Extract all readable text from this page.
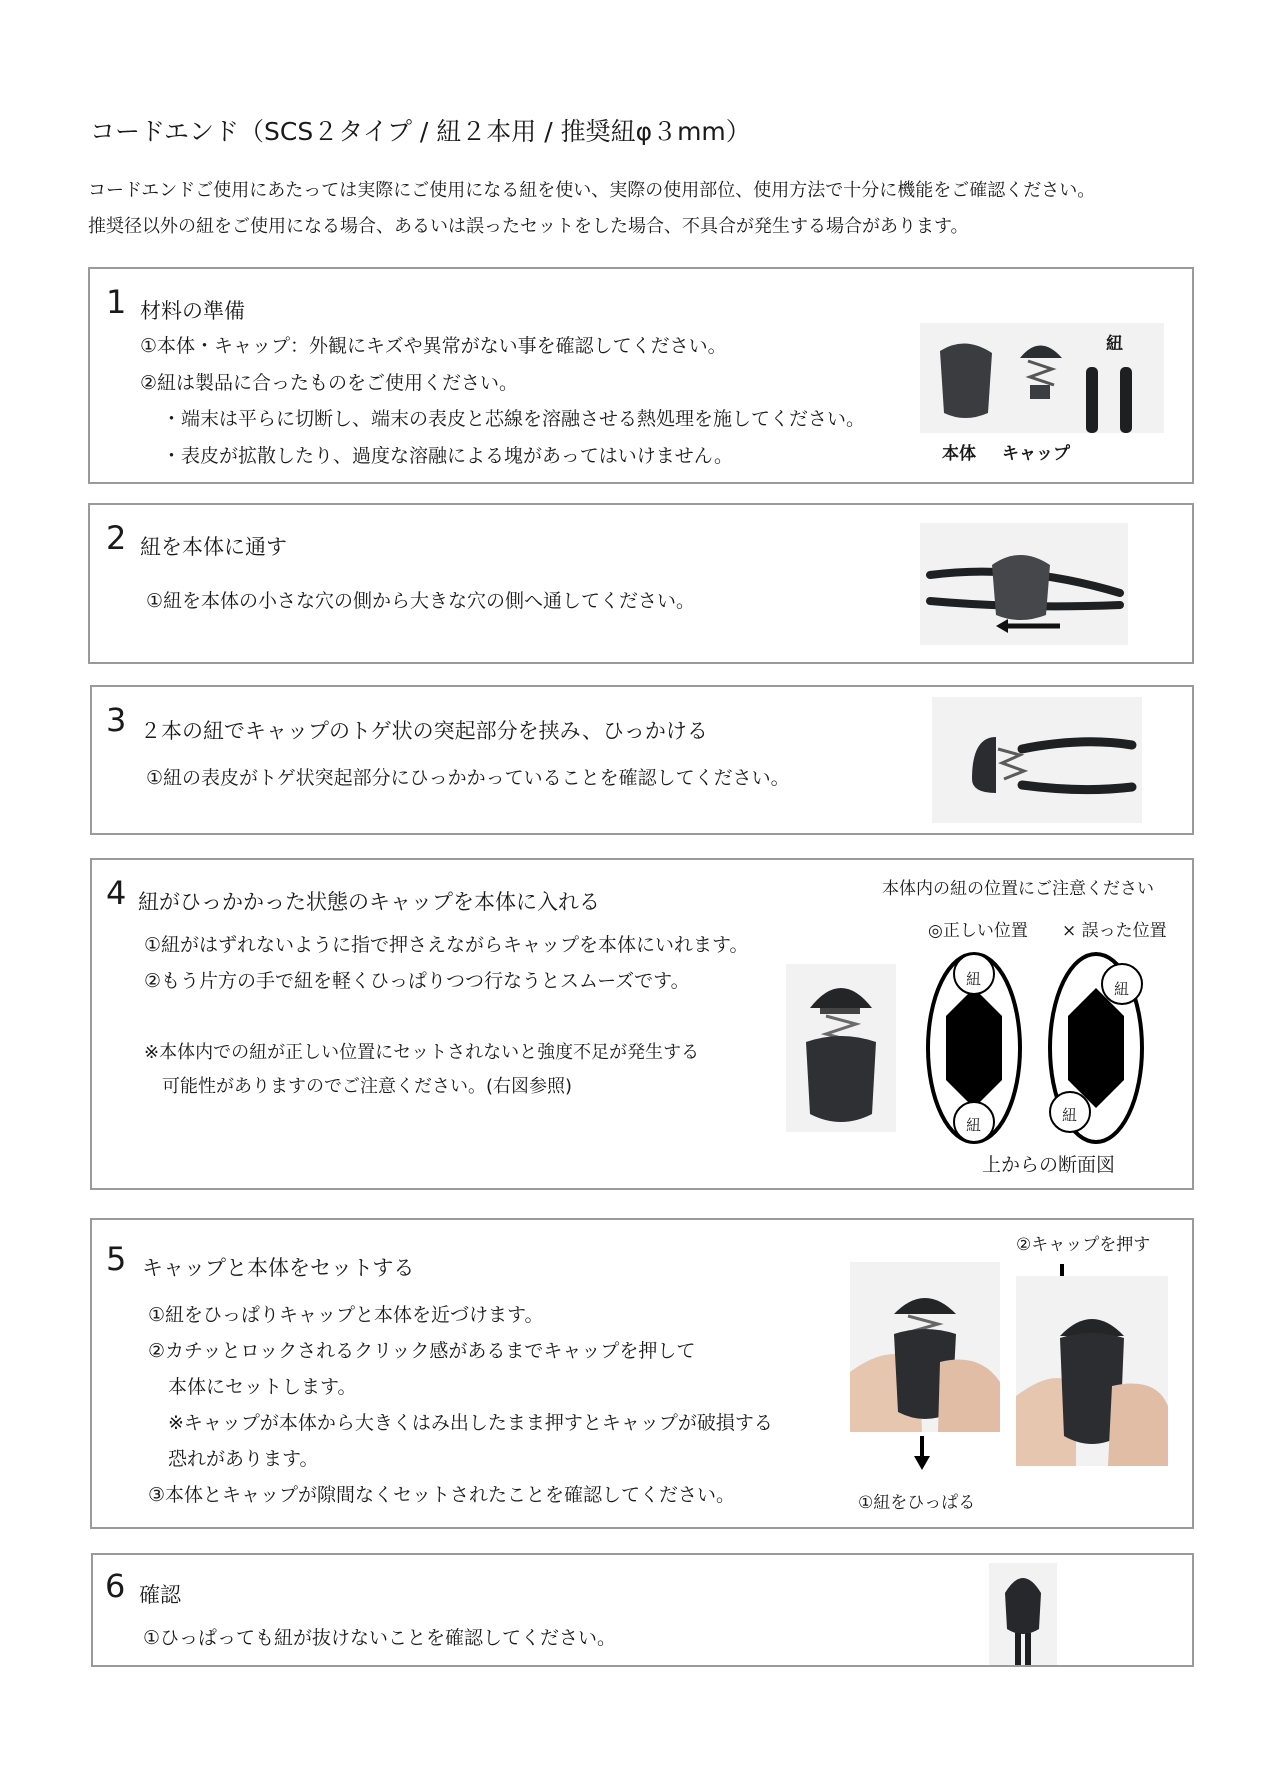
コードエンド（SCS２タイプ / 紐２本用 / 推奨紐φ３mm）
コードエンドご使用にあたっては実際にご使用になる紐を使い、実際の使用部位、使用方法で十分に機能をご確認ください。
推奨径以外の紐をご使用になる場合、あるいは誤ったセットをした場合、不具合が発生する場合があります。
1 材料の準備
①本体・キャップ：外観にキズや異常がない事を確認してください。
②紐は製品に合ったものをご使用ください。
・端末は平らに切断し、端末の表皮と芯線を溶融させる熱処理を施してください。
・表皮が拡散したり、過度な溶融による塊があってはいけません。
紐
本体 キャップ
2 紐を本体に通す
①紐を本体の小さな穴の側から大きな穴の側へ通してください。
3 ２本の紐でキャップのトゲ状の突起部分を挟み、ひっかける
①紐の表皮がトゲ状突起部分にひっかかっていることを確認してください。
4 紐がひっかかった状態のキャップを本体に入れる
①紐がはずれないように指で押さえながらキャップを本体にいれます。
②もう片方の手で紐を軽くひっぱりつつ行なうとスムーズです。
※本体内での紐が正しい位置にセットされないと強度不足が発生する
可能性がありますのでご注意ください。(右図参照)
本体内の紐の位置にご注意ください
◎正しい位置 × 誤った位置
紐
紐
紐
紐
上からの断面図
5 キャップと本体をセットする
①紐をひっぱりキャップと本体を近づけます。
②カチッとロックされるクリック感があるまでキャップを押して
本体にセットします。
※キャップが本体から大きくはみ出したまま押すとキャップが破損する
恐れがあります。
③本体とキャップが隙間なくセットされたことを確認してください。
②キャップを押す
①紐をひっぱる
6 確認
①ひっぱっても紐が抜けないことを確認してください。
